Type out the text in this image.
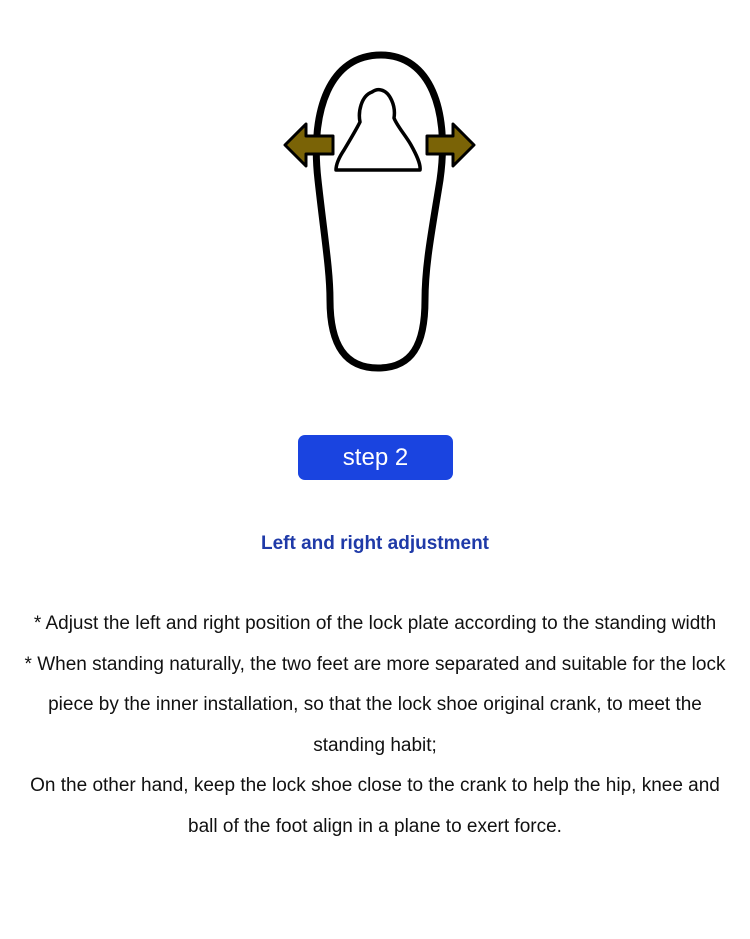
step 2
Left and right adjustment

* Adjust the left and right position of the lock plate according to the standing width

* When standing naturally, the two feet are more separated and suitable for the lock piece by the inner installation, so that the lock shoe original crank, to meet the standing habit;

On the other hand, keep the lock shoe close to the crank to help the hip, knee and ball of the foot align in a plane to exert force.
